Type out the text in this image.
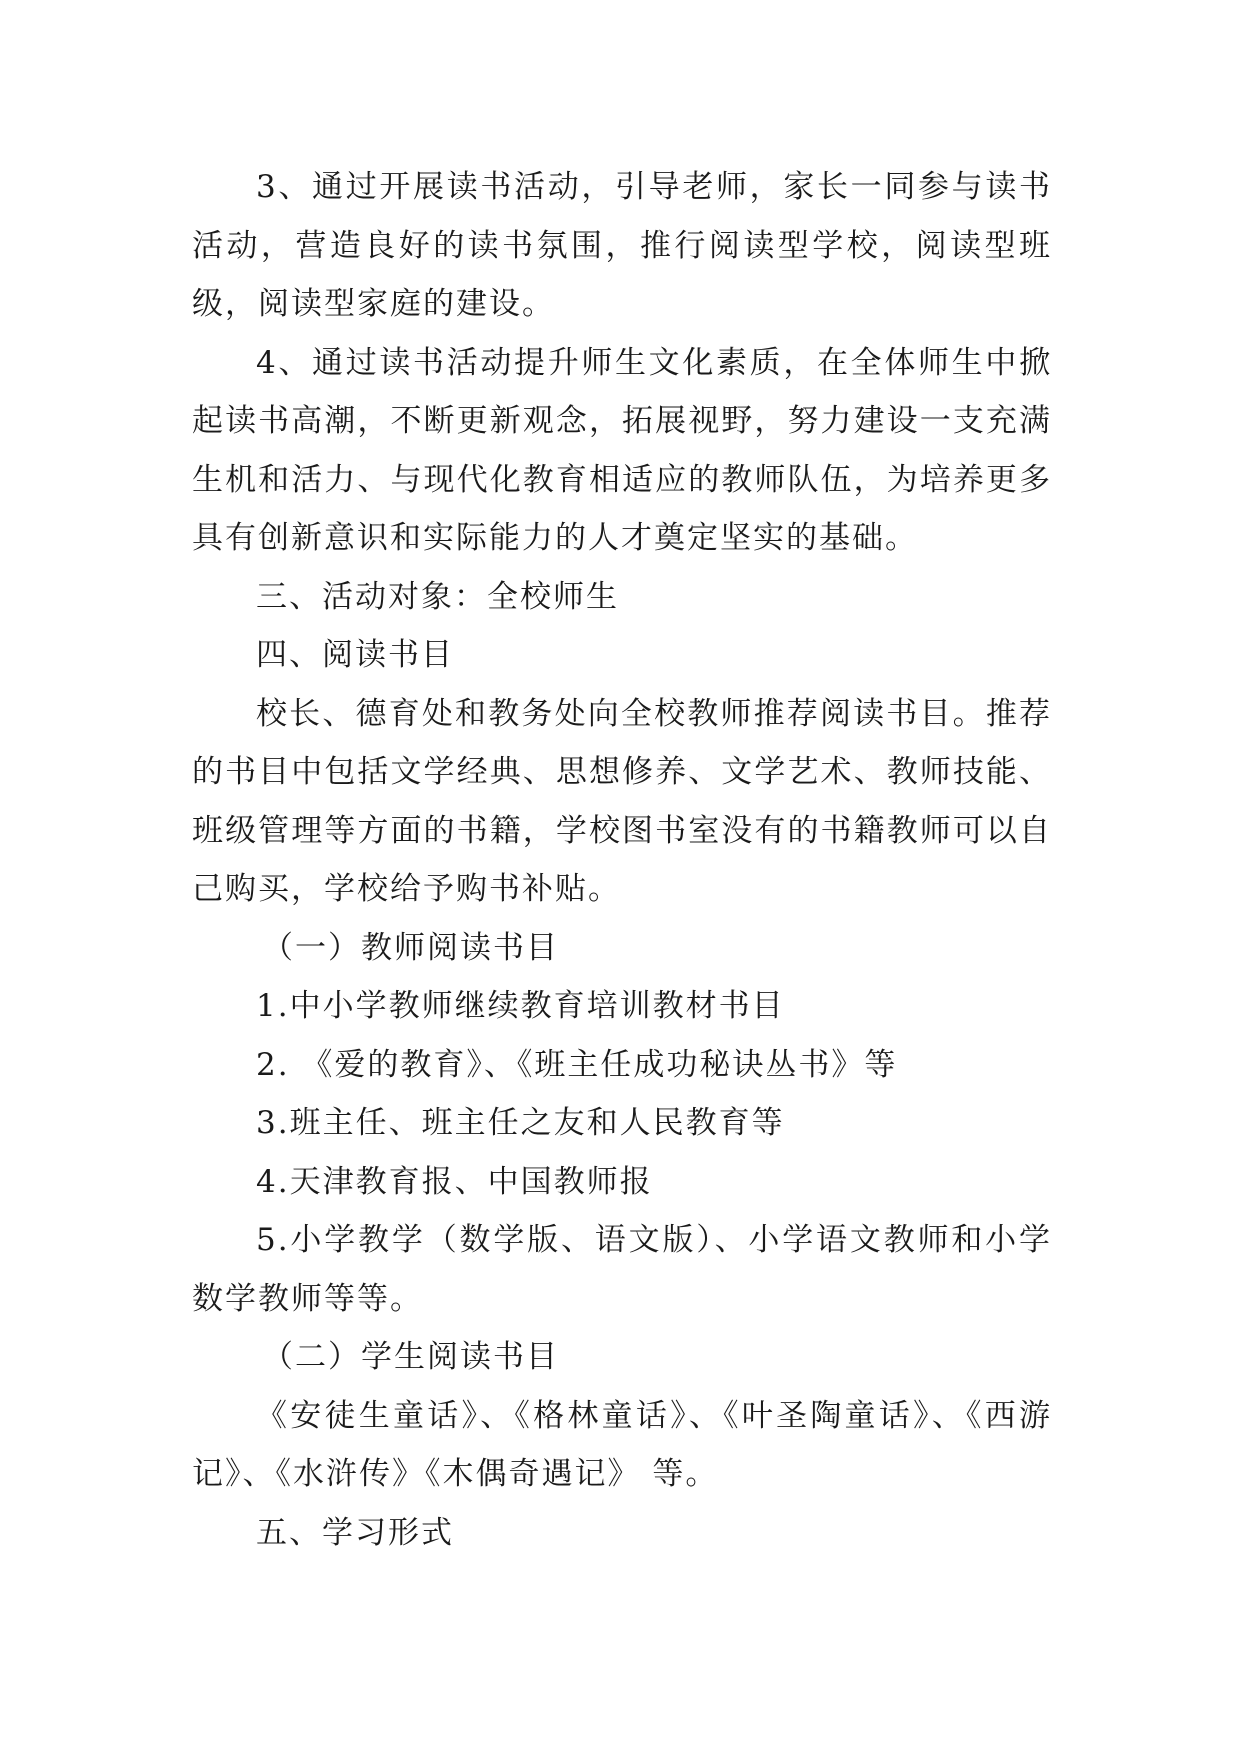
3、通过开展读书活动，引导老师，家长一同参与读书活动，营造良好的读书氛围，推行阅读型学校，阅读型班级，阅读型家庭的建设。

4、通过读书活动提升师生文化素质，在全体师生中掀起读书高潮，不断更新观念，拓展视野，努力建设一支充满生机和活力、与现代化教育相适应的教师队伍，为培养更多具有创新意识和实际能力的人才奠定坚实的基础。

三、活动对象：全校师生

四、阅读书目

校长、德育处和教务处向全校教师推荐阅读书目。推荐的书目中包括文学经典、思想修养、文学艺术、教师技能、班级管理等方面的书籍，学校图书室没有的书籍教师可以自己购买，学校给予购书补贴。

（一）教师阅读书目

1.中小学教师继续教育培训教材书目

2. 《爱的教育》、《班主任成功秘诀丛书》等

3.班主任、班主任之友和人民教育等

4.天津教育报、中国教师报

5.小学教学（数学版、语文版）、小学语文教师和小学数学教师等等。

（二）学生阅读书目

《安徒生童话》、《格林童话》、《叶圣陶童话》、《西游记》、《水浒传》《木偶奇遇记》 等。

五、学习形式
